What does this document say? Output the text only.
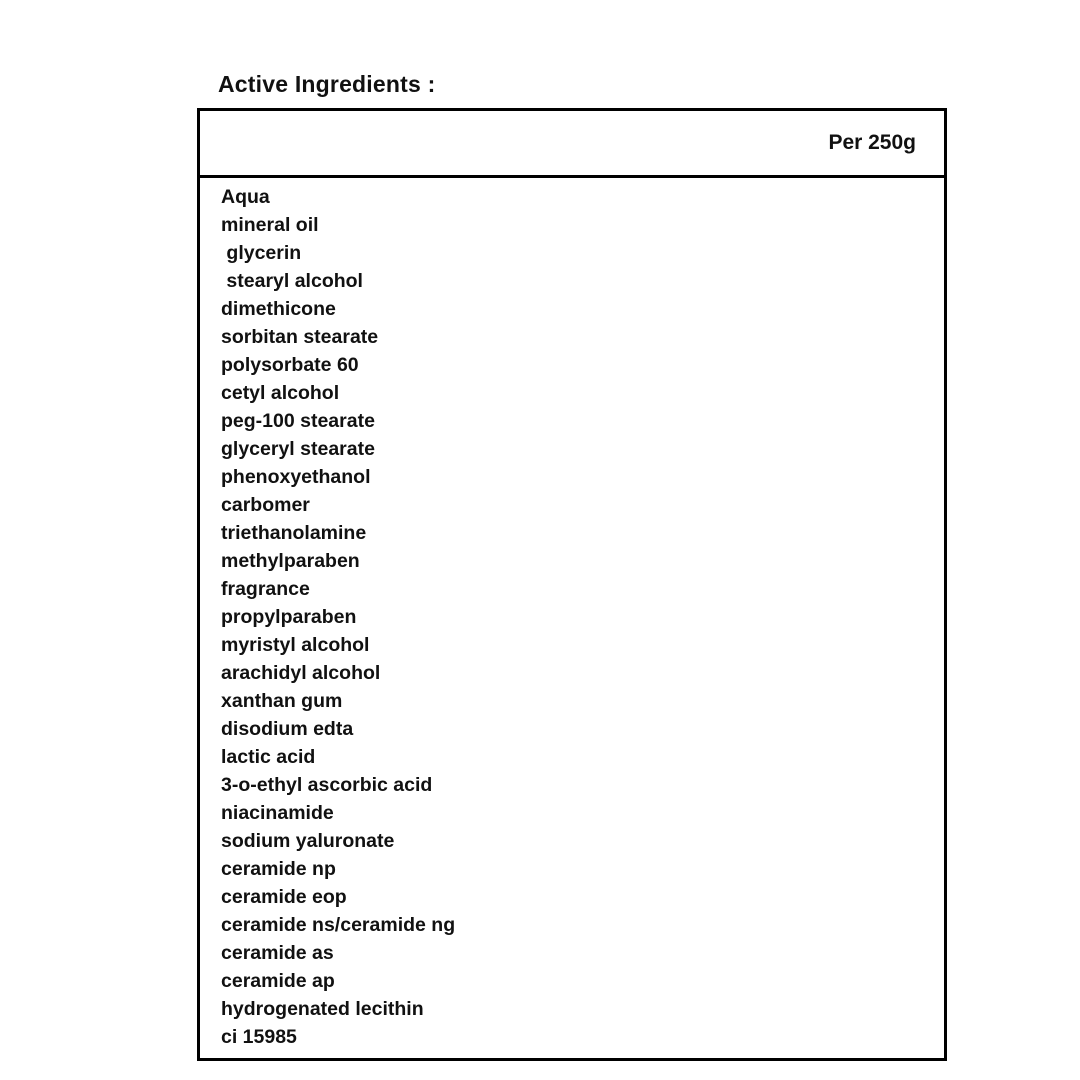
Active Ingredients :
Per 250g
Aqua
mineral oil
glycerin
stearyl alcohol
dimethicone
sorbitan stearate
polysorbate 60
cetyl alcohol
peg-100 stearate
glyceryl stearate
phenoxyethanol
carbomer
triethanolamine
methylparaben
fragrance
propylparaben
myristyl alcohol
arachidyl alcohol
xanthan gum
disodium edta
lactic acid
3-o-ethyl ascorbic acid
niacinamide
sodium yaluronate
ceramide np
ceramide eop
ceramide ns/ceramide ng
ceramide as
ceramide ap
hydrogenated lecithin
ci 15985
